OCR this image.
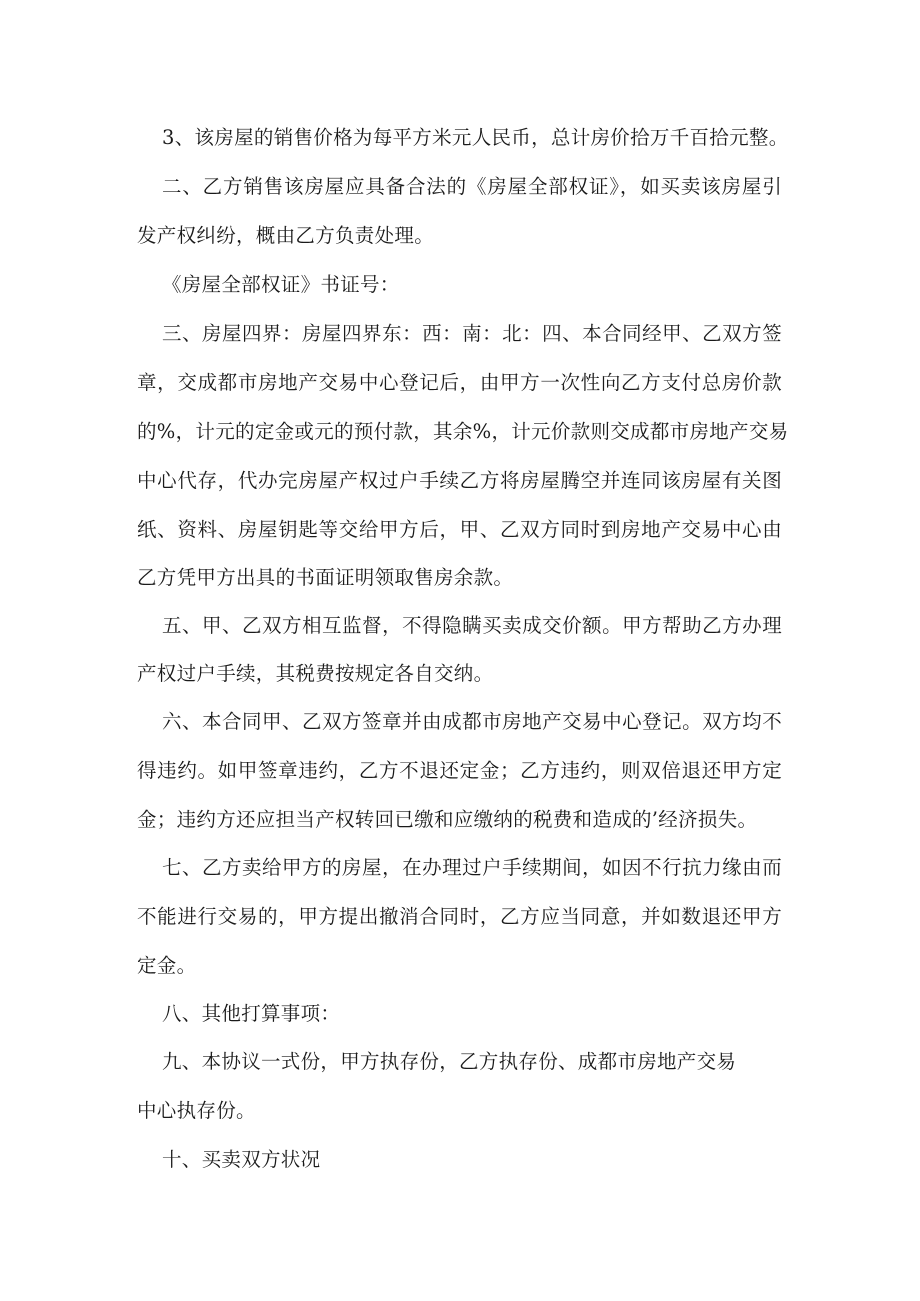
3、该房屋的销售价格为每平方米元人民币，总计房价拾万千百拾元整。
二、乙方销售该房屋应具备合法的《房屋全部权证》，如买卖该房屋引
发产权纠纷，概由乙方负责处理。
《房屋全部权证》书证号：
三、房屋四界：房屋四界东：西：南：北：四、本合同经甲、乙双方签
章，交成都市房地产交易中心登记后，由甲方一次性向乙方支付总房价款
的%，计元的定金或元的预付款，其余%，计元价款则交成都市房地产交易
中心代存，代办完房屋产权过户手续乙方将房屋腾空并连同该房屋有关图
纸、资料、房屋钥匙等交给甲方后，甲、乙双方同时到房地产交易中心由
乙方凭甲方出具的书面证明领取售房余款。
五、甲、乙双方相互监督，不得隐瞒买卖成交价额。甲方帮助乙方办理
产权过户手续，其税费按规定各自交纳。
六、本合同甲、乙双方签章并由成都市房地产交易中心登记。双方均不
得违约。如甲签章违约，乙方不退还定金；乙方违约，则双倍退还甲方定
金；违约方还应担当产权转回已缴和应缴纳的税费和造成的’经济损失。
七、乙方卖给甲方的房屋，在办理过户手续期间，如因不行抗力缘由而
不能进行交易的，甲方提出撤消合同时，乙方应当同意，并如数退还甲方
定金。
八、其他打算事项：
九、本协议一式份，甲方执存份，乙方执存份、成都市房地产交易
中心执存份。
十、买卖双方状况
